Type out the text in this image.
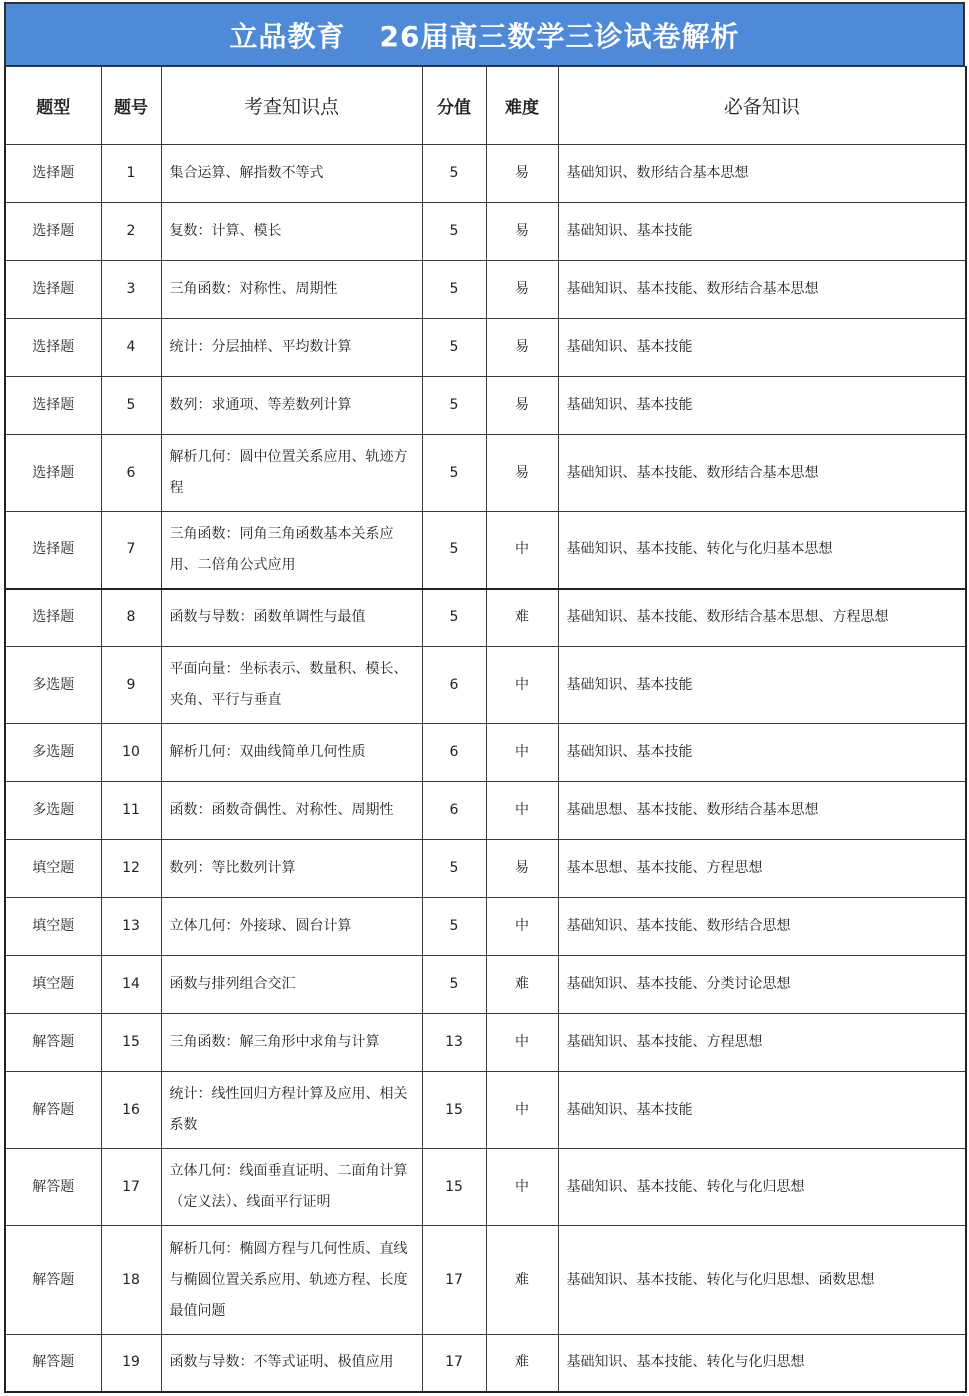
立品教育 26届高三数学三诊试卷解析
题型	题号	考查知识点	分值	难度	必备知识
选择题	1	集合运算、解指数不等式	5	易	基础知识、数形结合基本思想
选择题	2	复数：计算、模长	5	易	基础知识、基本技能
选择题	3	三角函数：对称性、周期性	5	易	基础知识、基本技能、数形结合基本思想
选择题	4	统计：分层抽样、平均数计算	5	易	基础知识、基本技能
选择题	5	数列：求通项、等差数列计算	5	易	基础知识、基本技能
选择题	6	解析几何：圆中位置关系应用、轨迹方程	5	易	基础知识、基本技能、数形结合基本思想
选择题	7	三角函数：同角三角函数基本关系应用、二倍角公式应用	5	中	基础知识、基本技能、转化与化归基本思想
选择题	8	函数与导数：函数单调性与最值	5	难	基础知识、基本技能、数形结合基本思想、方程思想
多选题	9	平面向量：坐标表示、数量积、模长、夹角、平行与垂直	6	中	基础知识、基本技能
多选题	10	解析几何：双曲线简单几何性质	6	中	基础知识、基本技能
多选题	11	函数：函数奇偶性、对称性、周期性	6	中	基础思想、基本技能、数形结合基本思想
填空题	12	数列：等比数列计算	5	易	基本思想、基本技能、方程思想
填空题	13	立体几何：外接球、圆台计算	5	中	基础知识、基本技能、数形结合思想
填空题	14	函数与排列组合交汇	5	难	基础知识、基本技能、分类讨论思想
解答题	15	三角函数：解三角形中求角与计算	13	中	基础知识、基本技能、方程思想
解答题	16	统计：线性回归方程计算及应用、相关系数	15	中	基础知识、基本技能
解答题	17	立体几何：线面垂直证明、二面角计算（定义法）、线面平行证明	15	中	基础知识、基本技能、转化与化归思想
解答题	18	解析几何：椭圆方程与几何性质、直线与椭圆位置关系应用、轨迹方程、长度最值问题	17	难	基础知识、基本技能、转化与化归思想、函数思想
解答题	19	函数与导数：不等式证明、极值应用	17	难	基础知识、基本技能、转化与化归思想
